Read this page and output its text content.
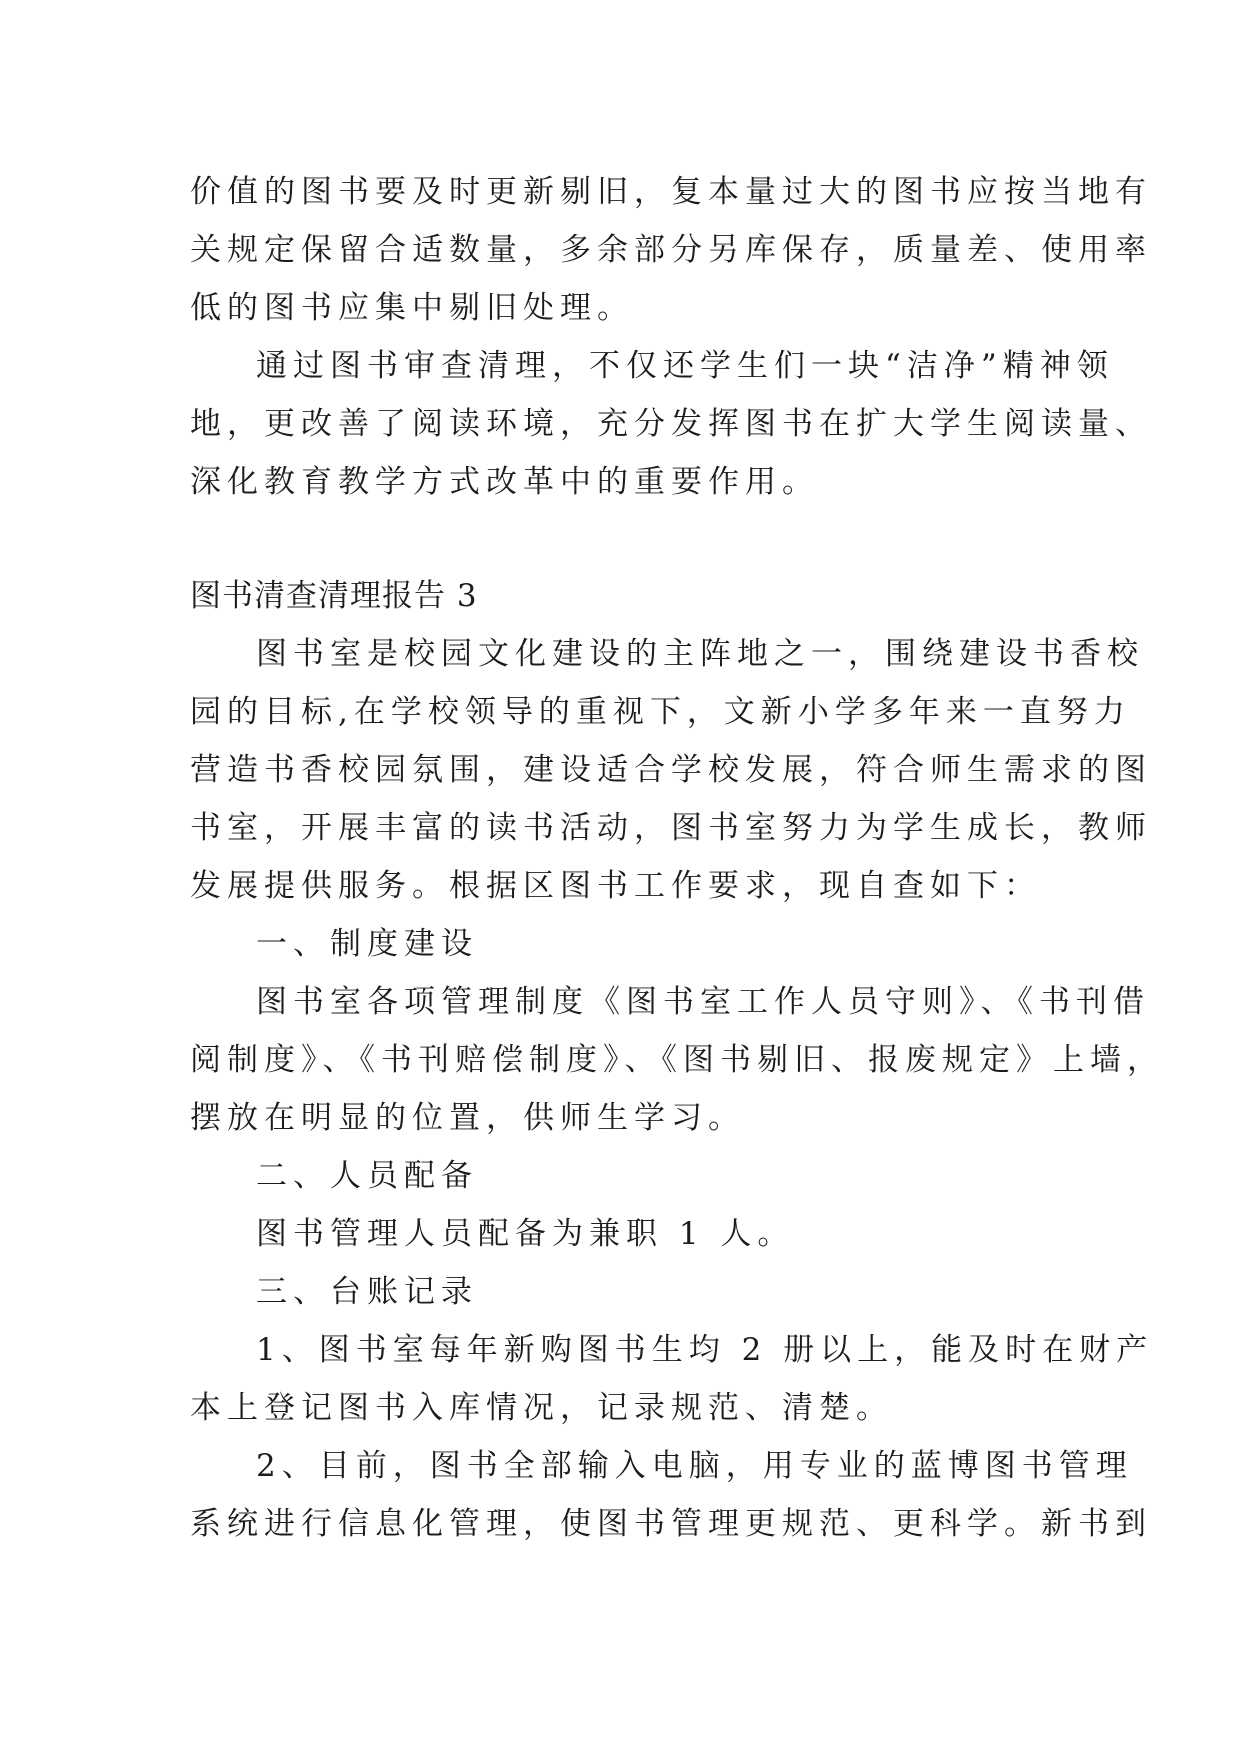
价值的图书要及时更新剔旧，复本量过大的图书应按当地有
关规定保留合适数量，多余部分另库保存，质量差、使用率
低的图书应集中剔旧处理。
通过图书审查清理，不仅还学生们一块“洁净”精神领
地，更改善了阅读环境，充分发挥图书在扩大学生阅读量、
深化教育教学方式改革中的重要作用。
图书清查清理报告 3
图书室是校园文化建设的主阵地之一，围绕建设书香校
园的目标,在学校领导的重视下，文新小学多年来一直努力
营造书香校园氛围，建设适合学校发展，符合师生需求的图
书室，开展丰富的读书活动，图书室努力为学生成长，教师
发展提供服务。根据区图书工作要求，现自查如下：
一、制度建设
图书室各项管理制度《图书室工作人员守则》、《书刊借
阅制度》、《书刊赔偿制度》、《图书剔旧、报废规定》上墙，
摆放在明显的位置，供师生学习。
二、人员配备
图书管理人员配备为兼职 1 人。
三、台账记录
1、图书室每年新购图书生均 2 册以上，能及时在财产
本上登记图书入库情况，记录规范、清楚。
2、目前，图书全部输入电脑，用专业的蓝博图书管理
系统进行信息化管理，使图书管理更规范、更科学。新书到
